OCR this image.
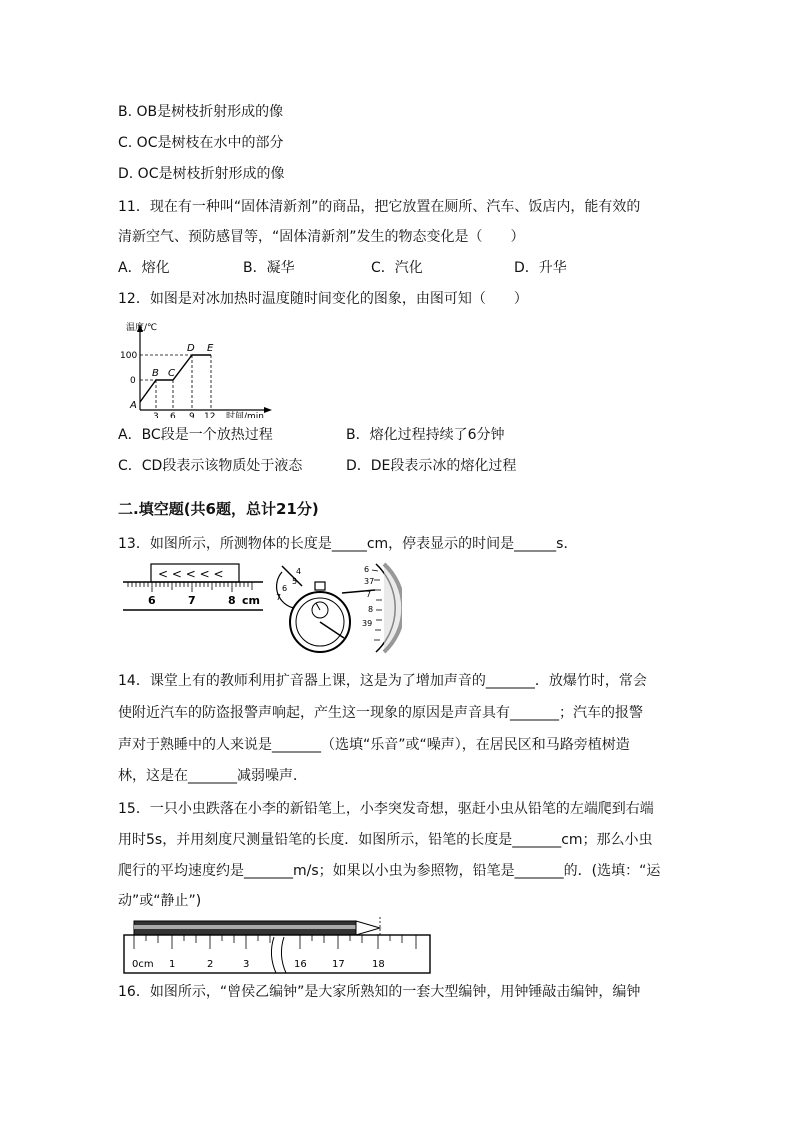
B. OB是树枝折射形成的像
C. OC是树枝在水中的部分
D. OC是树枝折射形成的像
11．现在有一种叫“固体清新剂”的商品，把它放置在厕所、汽车、饭店内，能有效的
清新空气、预防感冒等，“固体清新剂”发生的物态变化是（　　）
A．熔化	B．凝华	C．汽化	D．升华
12．如图是对冰加热时温度随时间变化的图象，由图可知（　　）
温度/℃
100
0
A
B C
D E
3 6 9 12 时间/min
A．BC段是一个放热过程	B．熔化过程持续了6分钟
C．CD段表示该物质处于液态	D．DE段表示冰的熔化过程
二.填空题(共6题，总计21分)
13．如图所示，所测物体的长度是_____cm，停表显示的时间是______s．
< < < < <
6	7	8 cm
4
5
6
7
6
37
7
8
39
14．课堂上有的教师利用扩音器上课，这是为了增加声音的_______．放爆竹时，常会
使附近汽车的防盗报警声响起，产生这一现象的原因是声音具有_______；汽车的报警
声对于熟睡中的人来说是_______（选填“乐音”或“噪声），在居民区和马路旁植树造
林，这是在_______减弱噪声．
15．一只小虫跌落在小李的新铅笔上，小李突发奇想，驱赶小虫从铅笔的左端爬到右端
用时5s，并用刻度尺测量铅笔的长度．如图所示，铅笔的长度是_______cm；那么小虫
爬行的平均速度约是_______m/s；如果以小虫为参照物，铅笔是_______的．(选填：“运
动”或“静止”)
0cm 1	2	3	16	17	18
16．如图所示，“曾侯乙编钟”是大家所熟知的一套大型编钟，用钟锤敲击编钟，编钟
